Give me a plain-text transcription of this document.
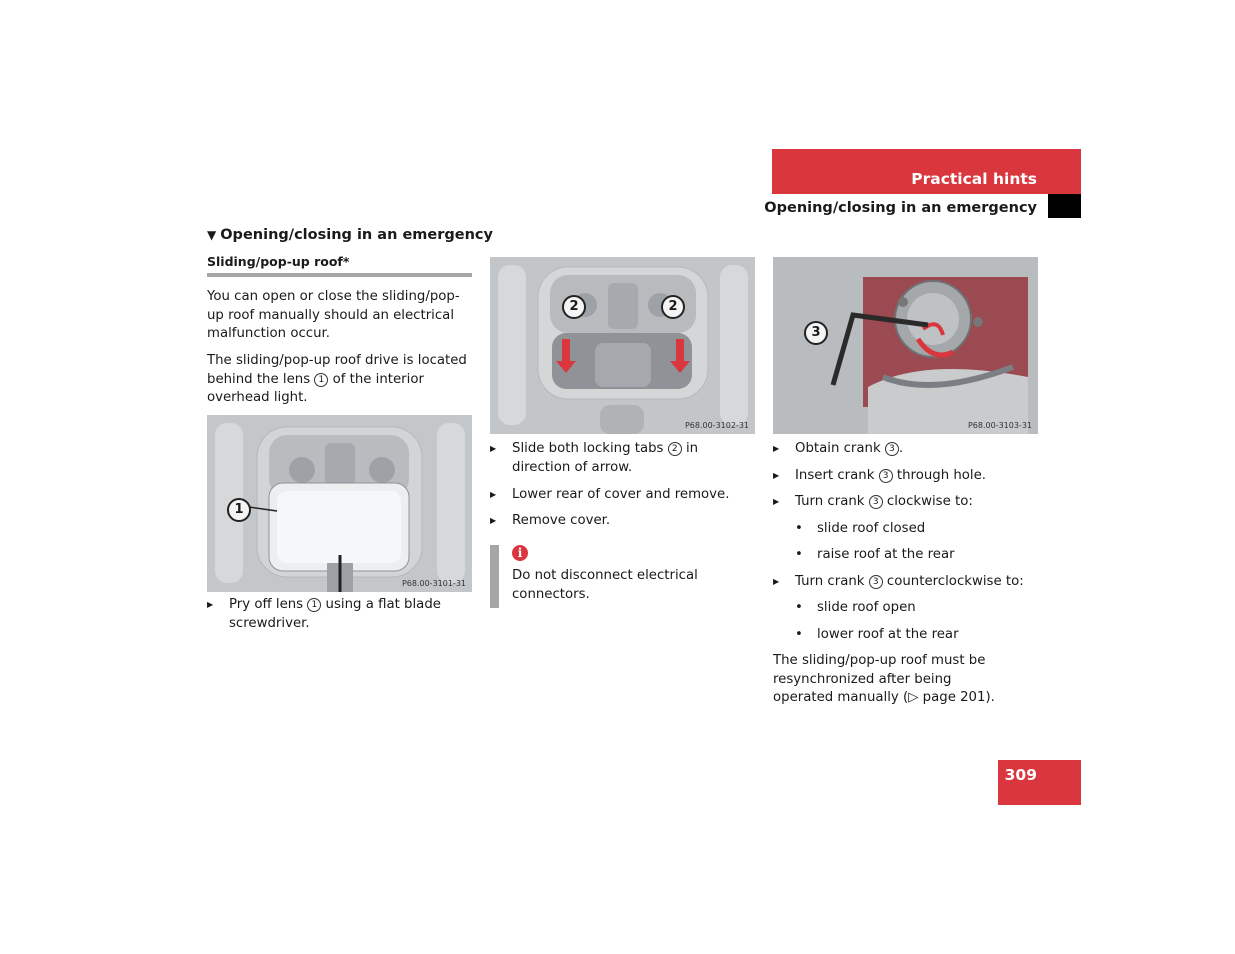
Practical hints
Opening/closing in an emergency
▼ Opening/closing in an emergency
Sliding/pop-up roof*
You can open or close the sliding/pop-up roof manually should an electrical malfunction occur.
The sliding/pop-up roof drive is located behind the lens 1 of the interior overhead light.
1
P68.00-3101-31
▶ Pry off lens 1 using a flat blade screwdriver.
2	2
P68.00-3102-31
▶ Slide both locking tabs 2 in direction of arrow.
▶ Lower rear of cover and remove.
▶ Remove cover.
i
Do not disconnect electrical connectors.
3
P68.00-3103-31
▶ Obtain crank 3 .
▶ Insert crank 3 through hole.
▶ Turn crank 3 clockwise to:
• slide roof closed
• raise roof at the rear
▶ Turn crank 3 counterclockwise to:
• slide roof open
• lower roof at the rear
The sliding/pop-up roof must be resynchronized after being operated manually (▷ page 201).
309
